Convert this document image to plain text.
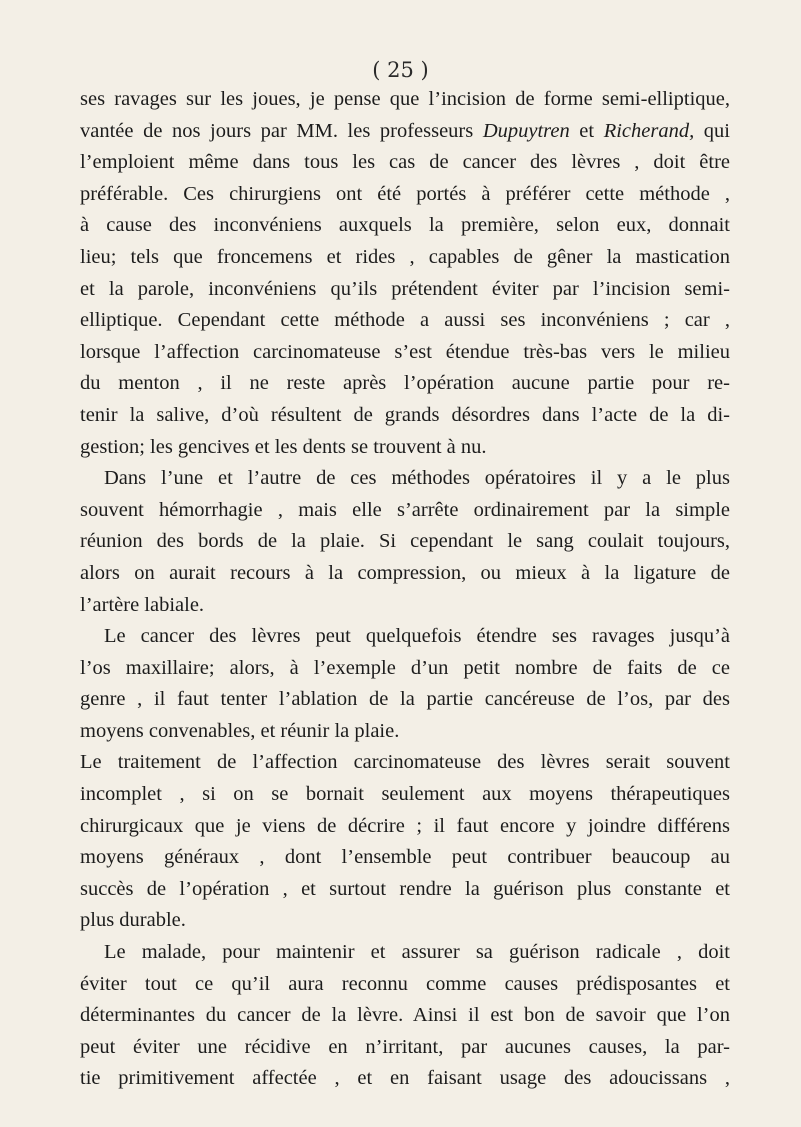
( 25 )
ses ravages sur les joues, je pense que l’incision de forme semi-elliptique,
vantée de nos jours par MM. les professeurs Dupuytren et Richerand, qui
l’emploient même dans tous les cas de cancer des lèvres , doit être
préférable. Ces chirurgiens ont été portés à préférer cette méthode ,
à cause des inconvéniens auxquels la première, selon eux, donnait
lieu; tels que froncemens et rides , capables de gêner la mastication
et la parole, inconvéniens qu’ils prétendent éviter par l’incision semi-
elliptique. Cependant cette méthode a aussi ses inconvéniens ; car ,
lorsque l’affection carcinomateuse s’est étendue très-bas vers le milieu
du menton , il ne reste après l’opération aucune partie pour re-
tenir la salive, d’où résultent de grands désordres dans l’acte de la di-
gestion; les gencives et les dents se trouvent à nu.
Dans l’une et l’autre de ces méthodes opératoires il y a le plus
souvent hémorrhagie , mais elle s’arrête ordinairement par la simple
réunion des bords de la plaie. Si cependant le sang coulait toujours,
alors on aurait recours à la compression, ou mieux à la ligature de
l’artère labiale.
Le cancer des lèvres peut quelquefois étendre ses ravages jusqu’à
l’os maxillaire; alors, à l’exemple d’un petit nombre de faits de ce
genre , il faut tenter l’ablation de la partie cancéreuse de l’os, par des
moyens convenables, et réunir la plaie.
Le traitement de l’affection carcinomateuse des lèvres serait souvent
incomplet , si on se bornait seulement aux moyens thérapeutiques
chirurgicaux que je viens de décrire ; il faut encore y joindre différens
moyens généraux , dont l’ensemble peut contribuer beaucoup au
succès de l’opération , et surtout rendre la guérison plus constante et
plus durable.
Le malade, pour maintenir et assurer sa guérison radicale , doit
éviter tout ce qu’il aura reconnu comme causes prédisposantes et
déterminantes du cancer de la lèvre. Ainsi il est bon de savoir que l’on
peut éviter une récidive en n’irritant, par aucunes causes, la par-
tie primitivement affectée , et en faisant usage des adoucissans ,
